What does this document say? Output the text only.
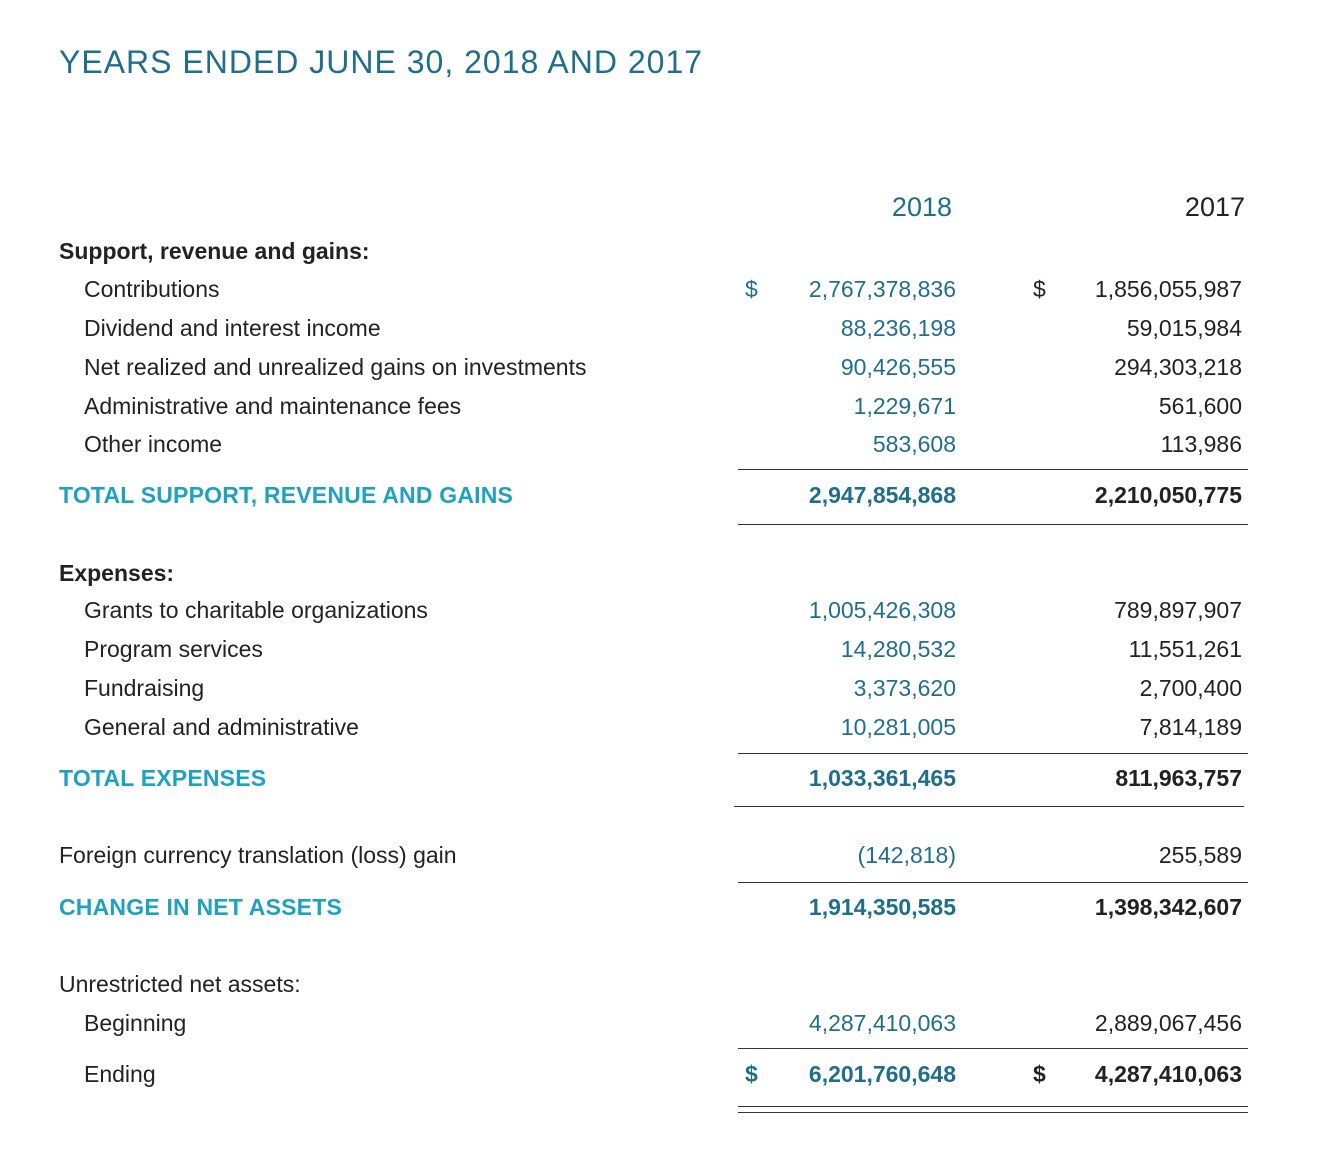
YEARS ENDED JUNE 30, 2018 AND 2017
2018	2017
Support, revenue and gains:
Contributions	$ 2,767,378,836	$ 1,856,055,987
Dividend and interest income	88,236,198	59,015,984
Net realized and unrealized gains on investments	90,426,555	294,303,218
Administrative and maintenance fees	1,229,671	561,600
Other income	583,608	113,986
TOTAL SUPPORT, REVENUE AND GAINS	2,947,854,868	2,210,050,775
Expenses:
Grants to charitable organizations	1,005,426,308	789,897,907
Program services	14,280,532	11,551,261
Fundraising	3,373,620	2,700,400
General and administrative	10,281,005	7,814,189
TOTAL EXPENSES	1,033,361,465	811,963,757
Foreign currency translation (loss) gain	(142,818)	255,589
CHANGE IN NET ASSETS	1,914,350,585	1,398,342,607
Unrestricted net assets:
Beginning	4,287,410,063	2,889,067,456
Ending	$ 6,201,760,648	$ 4,287,410,063
